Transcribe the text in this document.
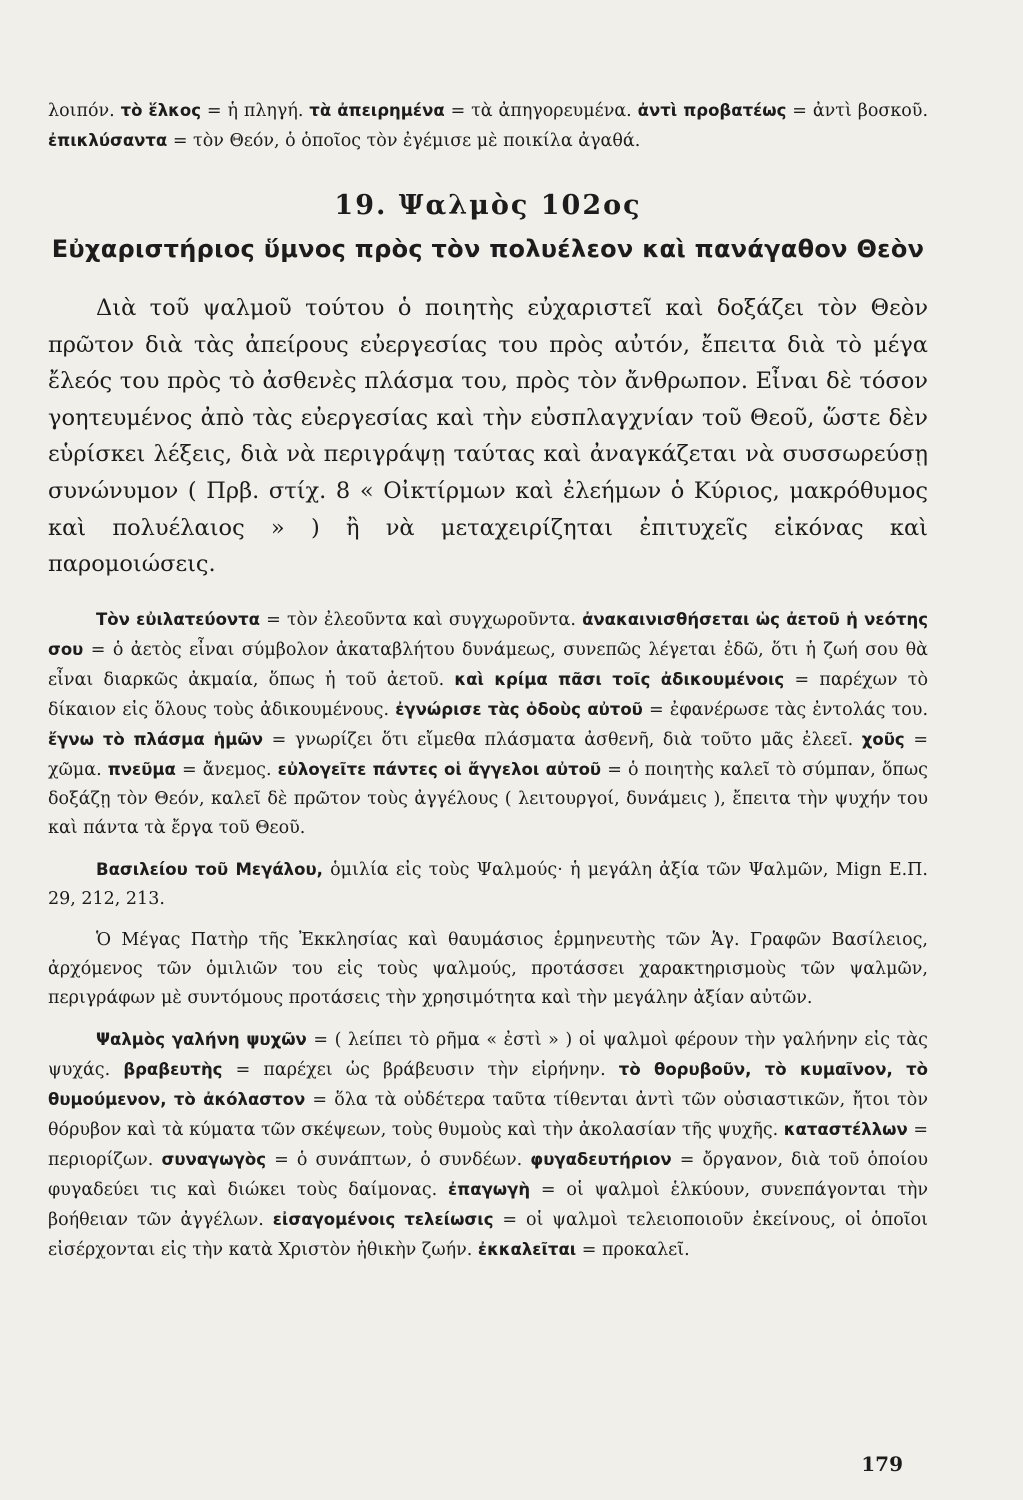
λοιπόν. τὸ ἕλκος = ἡ πληγή. τὰ ἀπειρημένα = τὰ ἀπηγορευμένα. ἀντὶ προβατέως = ἀντὶ βοσκοῦ. ἐπικλύσαντα = τὸν Θεόν, ὁ ὁποῖος τὸν ἐγέμισε μὲ ποικίλα ἀγαθά.

19. Ψαλμὸς 102ος
Εὐχαριστήριος ὕμνος πρὸς τὸν πολυέλεον καὶ πανάγαθον Θεὸν

Διὰ τοῦ ψαλμοῦ τούτου ὁ ποιητὴς εὐχαριστεῖ καὶ δοξάζει τὸν Θεὸν πρῶτον διὰ τὰς ἀπείρους εὐεργεσίας του πρὸς αὐτόν, ἔπειτα διὰ τὸ μέγα ἔλεός του πρὸς τὸ ἀσθενὲς πλάσμα του, πρὸς τὸν ἄνθρωπον. Εἶναι δὲ τόσον γοητευμένος ἀπὸ τὰς εὐεργεσίας καὶ τὴν εὐσπλαγχνίαν τοῦ Θεοῦ, ὥστε δὲν εὑρίσκει λέξεις, διὰ νὰ περιγράψῃ ταύτας καὶ ἀναγκάζεται νὰ συσσωρεύσῃ συνώνυμον ( Πρβ. στίχ. 8 « Οἰκτίρμων καὶ ἐλεήμων ὁ Κύριος, μακρόθυμος καὶ πολυέλαιος » ) ἢ νὰ μεταχειρίζηται ἐπιτυχεῖς εἰκόνας καὶ παρομοιώσεις.

Τὸν εὐιλατεύοντα = τὸν ἐλεοῦντα καὶ συγχωροῦντα. ἀνακαινισθήσεται ὡς ἀετοῦ ἡ νεότης σου = ὁ ἀετὸς εἶναι σύμβολον ἀκαταβλήτου δυνάμεως, συνεπῶς λέγεται ἐδῶ, ὅτι ἡ ζωή σου θὰ εἶναι διαρκῶς ἀκμαία, ὅπως ἡ τοῦ ἀετοῦ. καὶ κρίμα πᾶσι τοῖς ἀδικουμένοις = παρέχων τὸ δίκαιον εἰς ὅλους τοὺς ἀδικουμένους. ἐγνώρισε τὰς ὁδοὺς αὐτοῦ = ἐφανέρωσε τὰς ἐντολάς του. ἔγνω τὸ πλάσμα ἡμῶν = γνωρίζει ὅτι εἴμεθα πλάσματα ἀσθενῆ, διὰ τοῦτο μᾶς ἐλεεῖ. χοῦς = χῶμα. πνεῦμα = ἄνεμος. εὐλογεῖτε πάντες οἱ ἄγγελοι αὐτοῦ = ὁ ποιητὴς καλεῖ τὸ σύμπαν, ὅπως δοξάζῃ τὸν Θεόν, καλεῖ δὲ πρῶτον τοὺς ἀγγέλους ( λειτουργοί, δυνάμεις ), ἔπειτα τὴν ψυχήν του καὶ πάντα τὰ ἔργα τοῦ Θεοῦ.

Βασιλείου τοῦ Μεγάλου, ὁμιλία εἰς τοὺς Ψαλμούς· ἡ μεγάλη ἀξία τῶν Ψαλμῶν, Mign Ε.Π. 29, 212, 213.

Ὁ Μέγας Πατὴρ τῆς Ἐκκλησίας καὶ θαυμάσιος ἑρμηνευτὴς τῶν Ἁγ. Γραφῶν Βασίλειος, ἀρχόμενος τῶν ὁμιλιῶν του εἰς τοὺς ψαλμούς, προτάσσει χαρακτηρισμοὺς τῶν ψαλμῶν, περιγράφων μὲ συντόμους προτάσεις τὴν χρησιμότητα καὶ τὴν μεγάλην ἀξίαν αὐτῶν.

Ψαλμὸς γαλήνη ψυχῶν = ( λείπει τὸ ρῆμα « ἐστὶ » ) οἱ ψαλμοὶ φέρουν τὴν γαλήνην εἰς τὰς ψυχάς. βραβευτὴς = παρέχει ὡς βράβευσιν τὴν εἰρήνην. τὸ θορυβοῦν, τὸ κυμαῖνον, τὸ θυμούμενον, τὸ ἀκόλαστον = ὅλα τὰ οὐδέτερα ταῦτα τίθενται ἀντὶ τῶν οὐσιαστικῶν, ἤτοι τὸν θόρυβον καὶ τὰ κύματα τῶν σκέψεων, τοὺς θυμοὺς καὶ τὴν ἀκολασίαν τῆς ψυχῆς. καταστέλλων = περιορίζων. συναγωγὸς = ὁ συνάπτων, ὁ συνδέων. φυγαδευτήριον = ὄργανον, διὰ τοῦ ὁποίου φυγαδεύει τις καὶ διώκει τοὺς δαίμονας. ἐπαγωγὴ = οἱ ψαλμοὶ ἑλκύουν, συνεπάγονται τὴν βοήθειαν τῶν ἀγγέλων. εἰσαγομένοις τελείωσις = οἱ ψαλμοὶ τελειοποιοῦν ἐκείνους, οἱ ὁποῖοι εἰσέρχονται εἰς τὴν κατὰ Χριστὸν ἠθικὴν ζωήν. ἐκκαλεῖται = προκαλεῖ.

179
